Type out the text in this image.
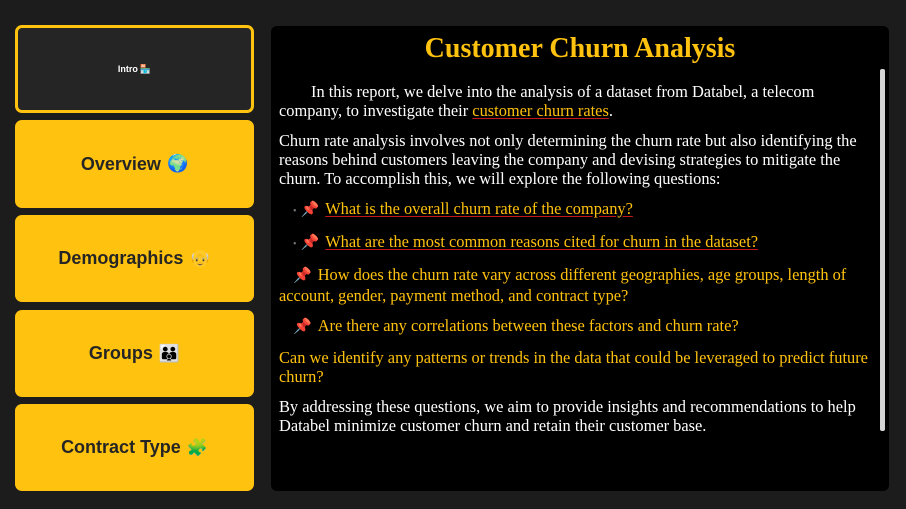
Intro 🏪
Overview 🌍
Demographics 👴
Groups 👪
Contract Type 🧩
Customer Churn Analysis

In this report, we delve into the analysis of a dataset from Databel, a telecom company, to investigate their customer churn rates.

Churn rate analysis involves not only determining the churn rate but also identifying the reasons behind customers leaving the company and devising strategies to mitigate the churn. To accomplish this, we will explore the following questions:

• 📌 What is the overall churn rate of the company?

• 📌 What are the most common reasons cited for churn in the dataset?

📌 How does the churn rate vary across different geographies, age groups, length of account, gender, payment method, and contract type?

📌 Are there any correlations between these factors and churn rate?

Can we identify any patterns or trends in the data that could be leveraged to predict future churn?

By addressing these questions, we aim to provide insights and recommendations to help Databel minimize customer churn and retain their customer base.
